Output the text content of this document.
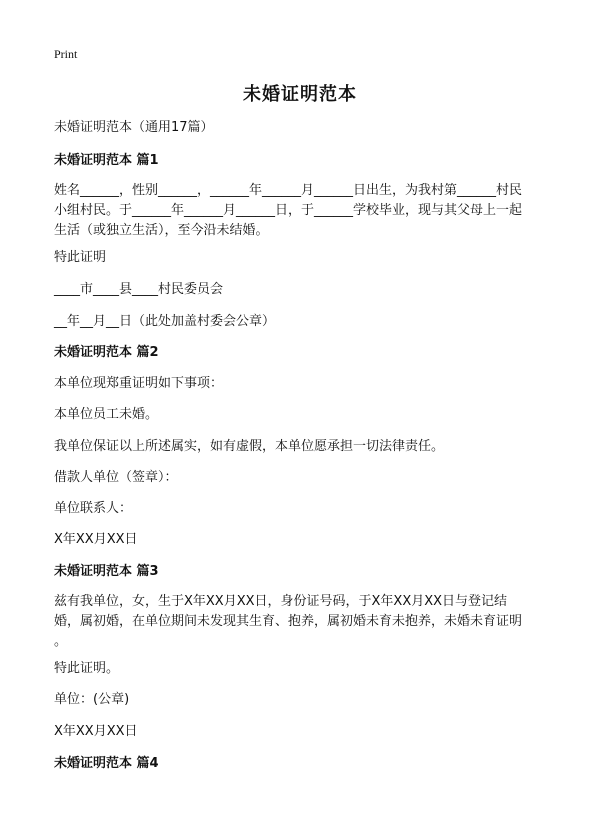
Print
未婚证明范本
未婚证明范本（通用17篇）
未婚证明范本 篇1
姓名______，性别______，______年______月______日出生，为我村第______村民
小组村民。于______年______月______日，于______学校毕业，现与其父母上一起
生活（或独立生活），至今沿未结婚。
特此证明
____市____县____村民委员会
__年__月__日（此处加盖村委会公章）
未婚证明范本 篇2
本单位现郑重证明如下事项：
本单位员工未婚。
我单位保证以上所述属实，如有虚假，本单位愿承担一切法律责任。
借款人单位（签章）：
单位联系人：
X年XX月XX日
未婚证明范本 篇3
兹有我单位，女，生于X年XX月XX日，身份证号码，于X年XX月XX日与登记结
婚，属初婚，在单位期间未发现其生育、抱养，属初婚未育未抱养，未婚未育证明
。
特此证明。
单位：(公章)
X年XX月XX日
未婚证明范本 篇4
